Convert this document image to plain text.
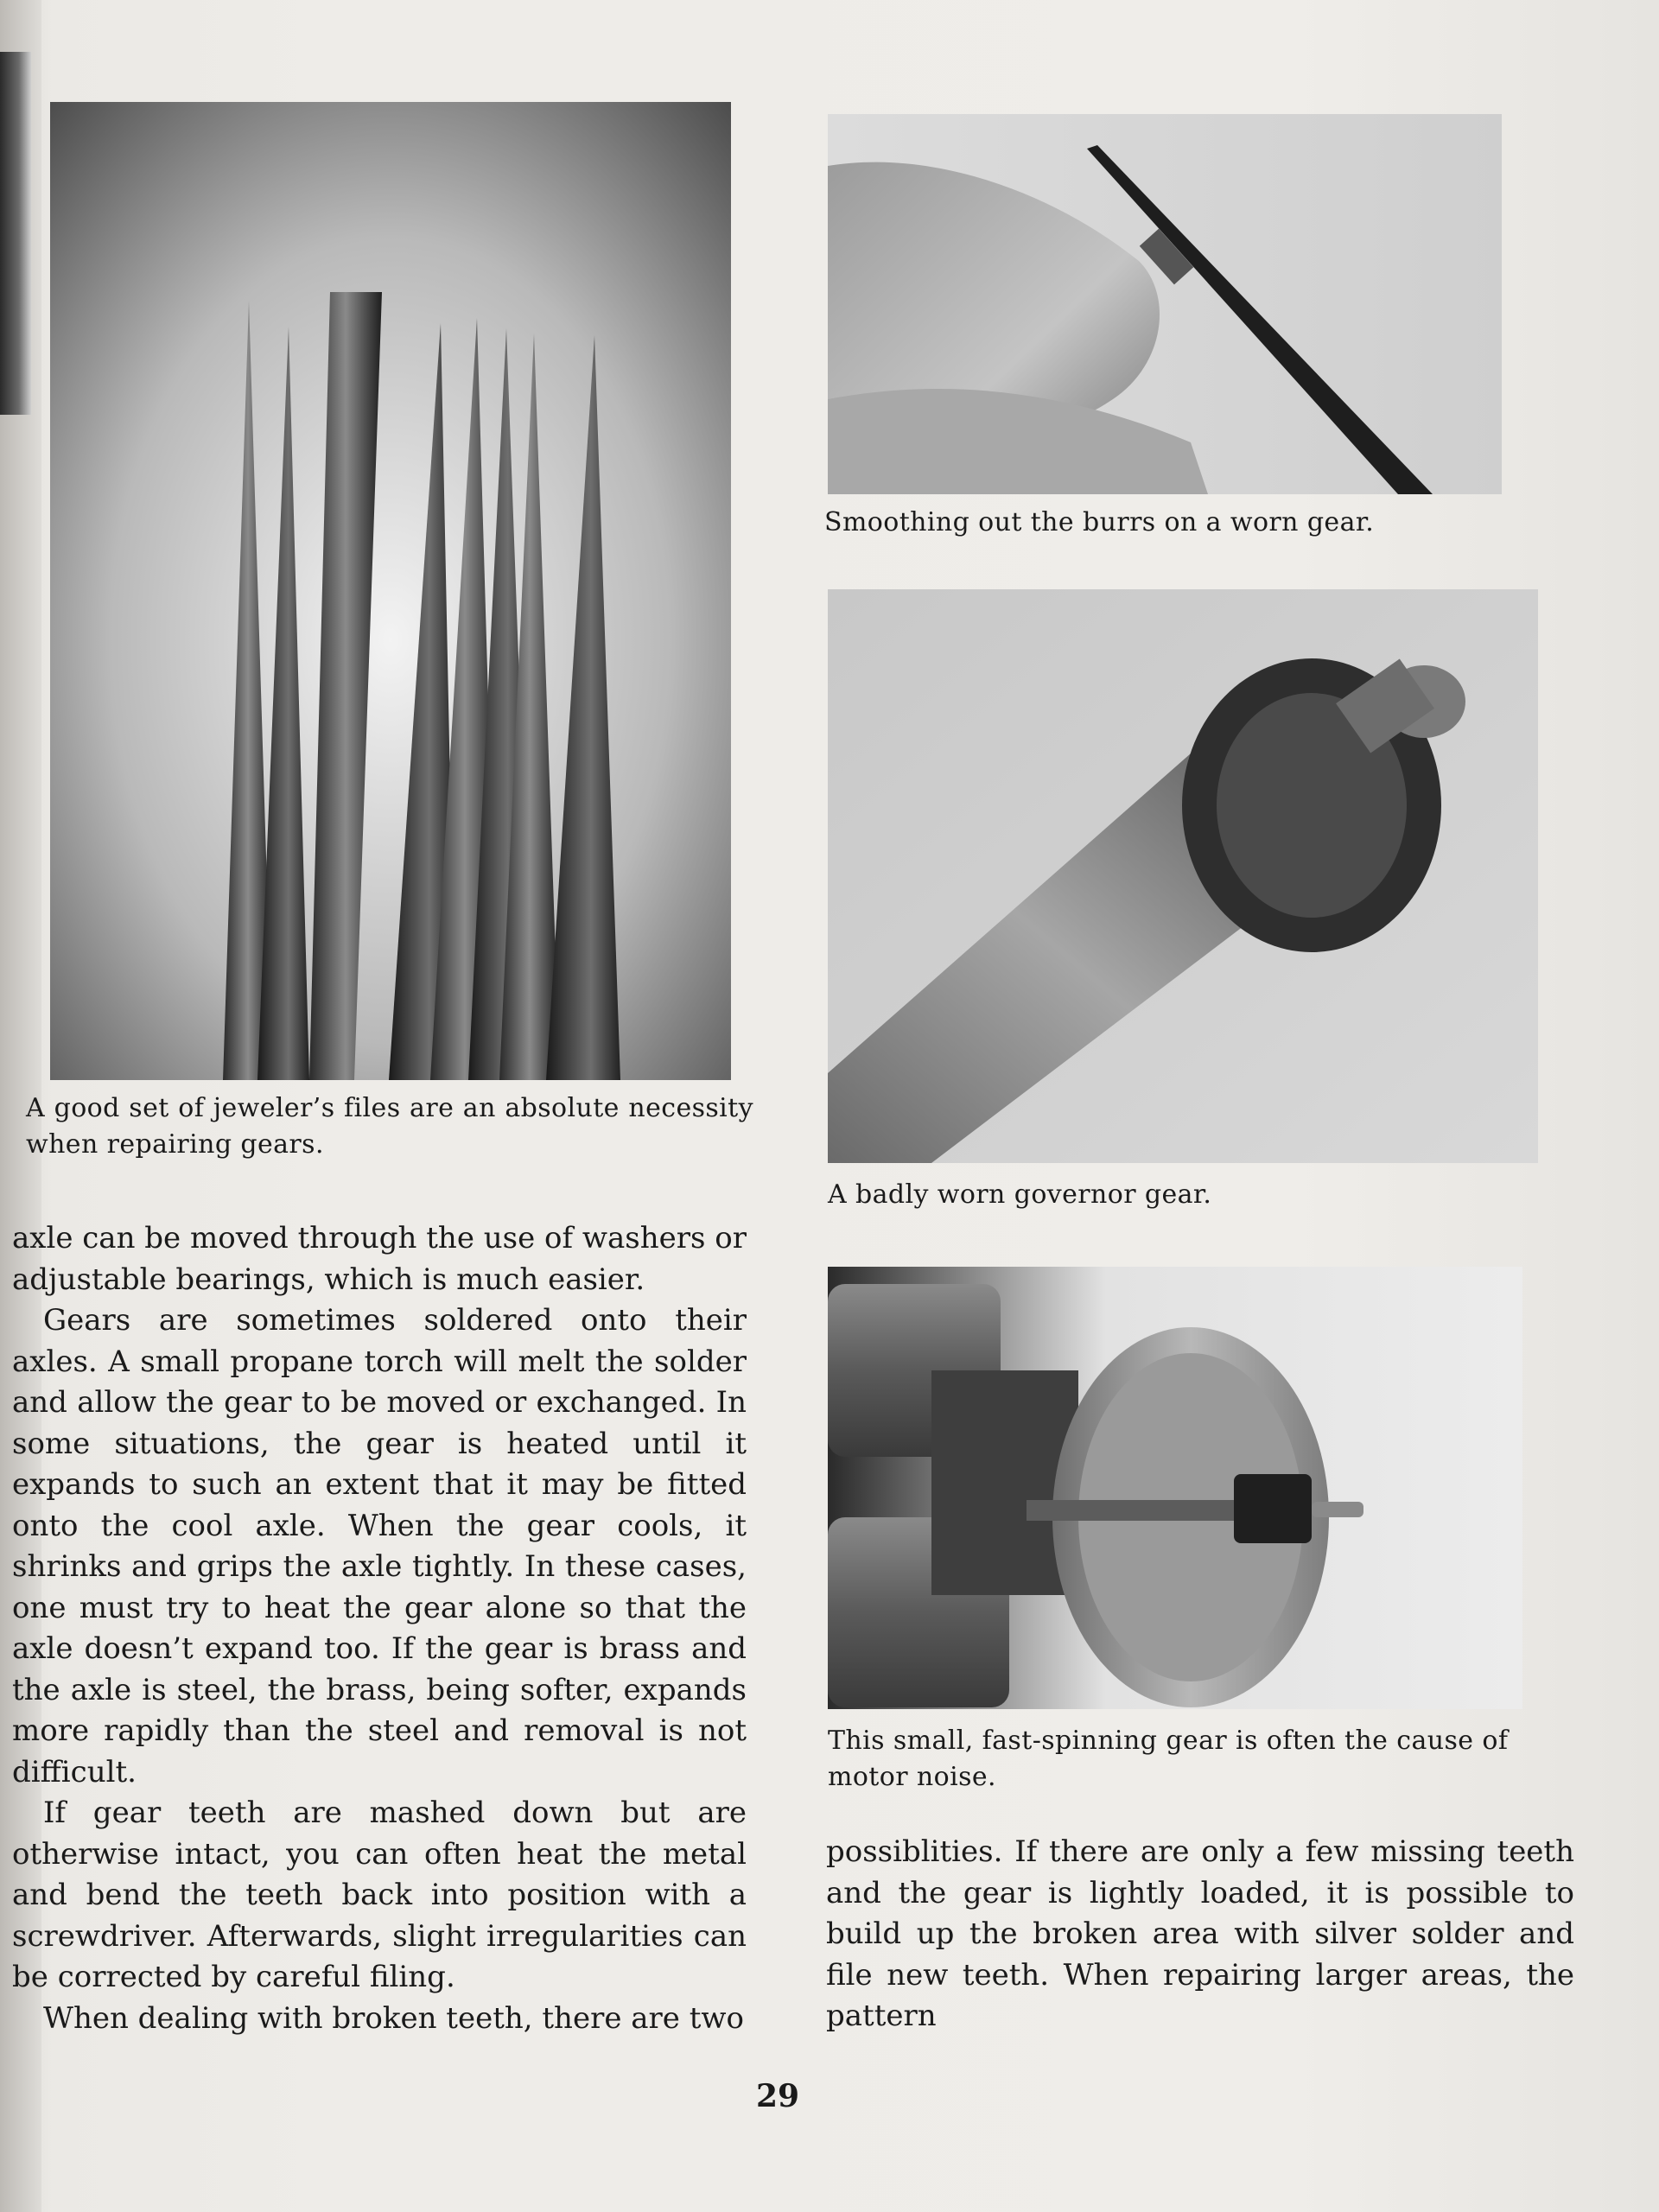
A good set of jeweler’s files are an absolute necessity when repairing gears.
Smoothing out the burrs on a worn gear.
A badly worn governor gear.
This small, fast-spinning gear is often the cause of motor noise.

axle can be moved through the use of washers or adjustable bearings, which is much easier.

Gears are sometimes soldered onto their axles. A small propane torch will melt the solder and allow the gear to be moved or exchanged. In some situations, the gear is heated until it expands to such an extent that it may be fitted onto the cool axle. When the gear cools, it shrinks and grips the axle tightly. In these cases, one must try to heat the gear alone so that the axle doesn’t expand too. If the gear is brass and the axle is steel, the brass, being softer, expands more rapidly than the steel and removal is not difficult.

If gear teeth are mashed down but are otherwise intact, you can often heat the metal and bend the teeth back into position with a screwdriver. Afterwards, slight irregularities can be corrected by careful filing.

When dealing with broken teeth, there are two

possiblities. If there are only a few missing teeth and the gear is lightly loaded, it is possible to build up the broken area with silver solder and file new teeth. When repairing larger areas, the pattern

29
